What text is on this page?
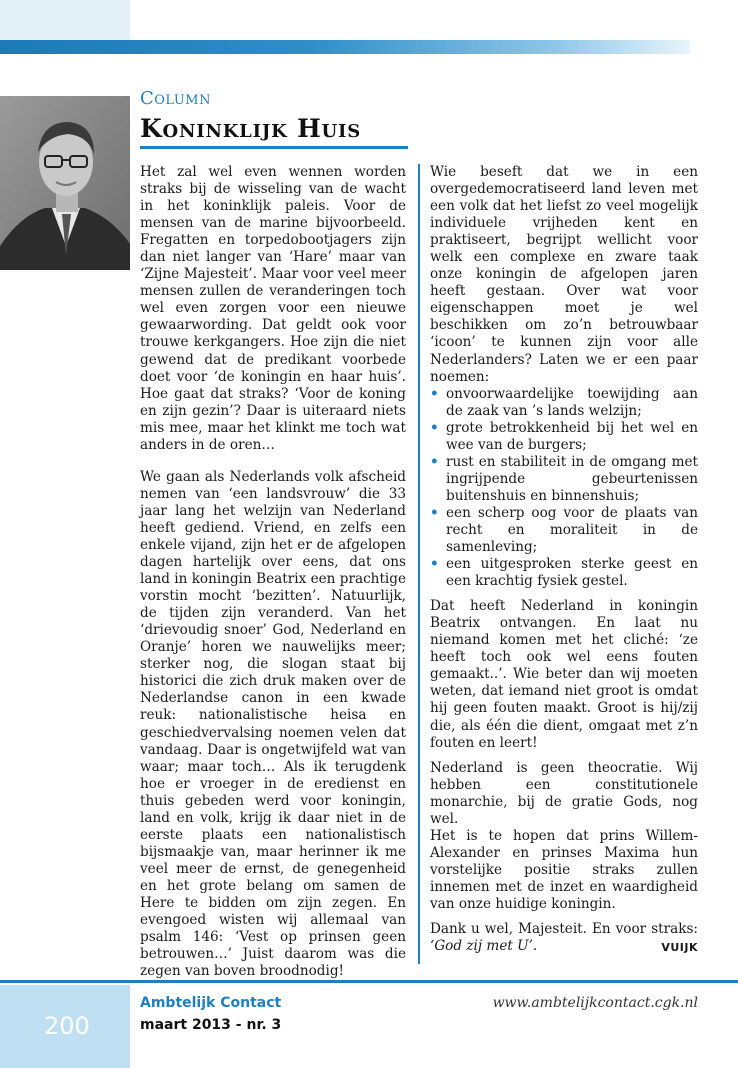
Column
Koninklijk Huis

Het zal wel even wennen worden straks bij de wisseling van de wacht in het koninklijk paleis. Voor de mensen van de marine bijvoorbeeld. Fregatten en torpedobootjagers zijn dan niet langer van ‘Hare’ maar van ‘Zijne Majesteit’. Maar voor veel meer mensen zullen de veranderingen toch wel even zorgen voor een nieuwe gewaarwording. Dat geldt ook voor trouwe kerkgangers. Hoe zijn die niet gewend dat de predikant voorbede doet voor ‘de koningin en haar huis’. Hoe gaat dat straks? ‘Voor de koning en zijn gezin’? Daar is uiteraard niets mis mee, maar het klinkt me toch wat anders in de oren…

We gaan als Nederlands volk afscheid nemen van ‘een landsvrouw’ die 33 jaar lang het welzijn van Nederland heeft gediend. Vriend, en zelfs een enkele vijand, zijn het er de afgelopen dagen hartelijk over eens, dat ons land in koningin Beatrix een prachtige vorstin mocht ‘bezitten’. Natuurlijk, de tijden zijn veranderd. Van het ‘drievoudig snoer’ God, Nederland en Oranje’ horen we nauwelijks meer; sterker nog, die slogan staat bij historici die zich druk maken over de Nederlandse canon in een kwade reuk: nationalistische heisa en geschiedvervalsing noemen velen dat vandaag. Daar is ongetwijfeld wat van waar; maar toch… Als ik terugdenk hoe er vroeger in de eredienst en thuis gebeden werd voor koningin, land en volk, krijg ik daar niet in de eerste plaats een nationalistisch bijsmaakje van, maar herinner ik me veel meer de ernst, de genegenheid en het grote belang om samen de Here te bidden om zijn zegen. En evengoed wisten wij allemaal van psalm 146: ‘Vest op prinsen geen betrouwen…’ Juist daarom was die zegen van boven broodnodig!

Wie beseft dat we in een overgedemocratiseerd land leven met een volk dat het liefst zo veel mogelijk individuele vrijheden kent en praktiseert, begrijpt wellicht voor welk een complexe en zware taak onze koningin de afgelopen jaren heeft gestaan. Over wat voor eigenschappen moet je wel beschikken om zo’n betrouwbaar ‘icoon’ te kunnen zijn voor alle Nederlanders? Laten we er een paar noemen:

• onvoorwaardelijke toewijding aan de zaak van ’s lands welzijn;
• grote betrokkenheid bij het wel en wee van de burgers;
• rust en stabiliteit in de omgang met ingrijpende gebeurtenissen buitenshuis en binnenshuis;
• een scherp oog voor de plaats van recht en moraliteit in de samenleving;
• een uitgesproken sterke geest en een krachtig fysiek gestel.

Dat heeft Nederland in koningin Beatrix ontvangen. En laat nu niemand komen met het cliché: ‘ze heeft toch ook wel eens fouten gemaakt..’. Wie beter dan wij moeten weten, dat iemand niet groot is omdat hij geen fouten maakt. Groot is hij/zij die, als één die dient, omgaat met z’n fouten en leert!

Nederland is geen theocratie. Wij hebben een constitutionele monarchie, bij de gratie Gods, nog wel.

Het is te hopen dat prins Willem-Alexander en prinses Maxima hun vorstelijke positie straks zullen innemen met de inzet en waardigheid van onze huidige koningin.

Dank u wel, Majesteit. En voor straks: ‘God zij met U’.	VUIJK
200
Ambtelijk Contact
maart 2013 - nr. 3
www.ambtelijkcontact.cgk.nl
